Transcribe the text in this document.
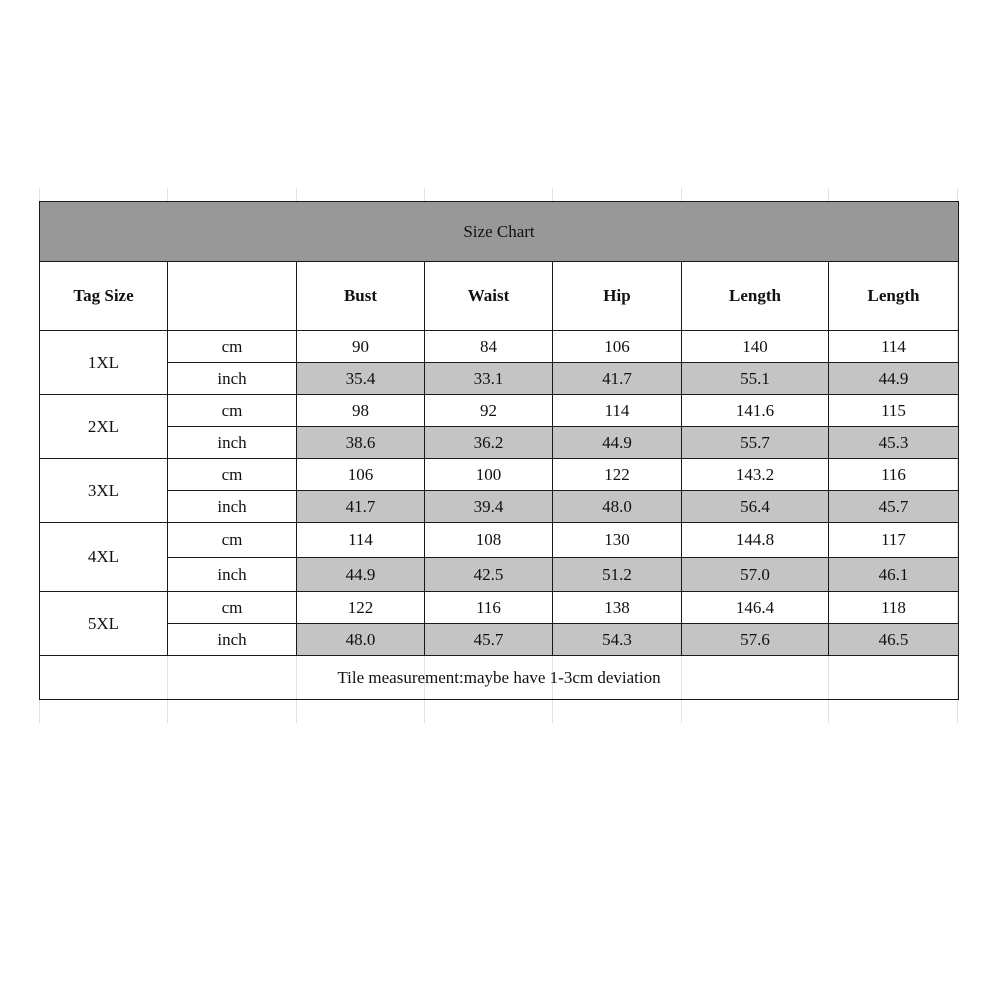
Size Chart						
Tag Size		Bust	Waist	Hip	Length	Length
1XL	cm	90	84	106	140	114
	inch	35.4	33.1	41.7	55.1	44.9
2XL	cm	98	92	114	141.6	115
	inch	38.6	36.2	44.9	55.7	45.3
3XL	cm	106	100	122	143.2	116
	inch	41.7	39.4	48.0	56.4	45.7
4XL	cm	114	108	130	144.8	117
	inch	44.9	42.5	51.2	57.0	46.1
5XL	cm	122	116	138	146.4	118
	inch	48.0	45.7	54.3	57.6	46.5
Tile measurement:maybe have 1-3cm deviation						
